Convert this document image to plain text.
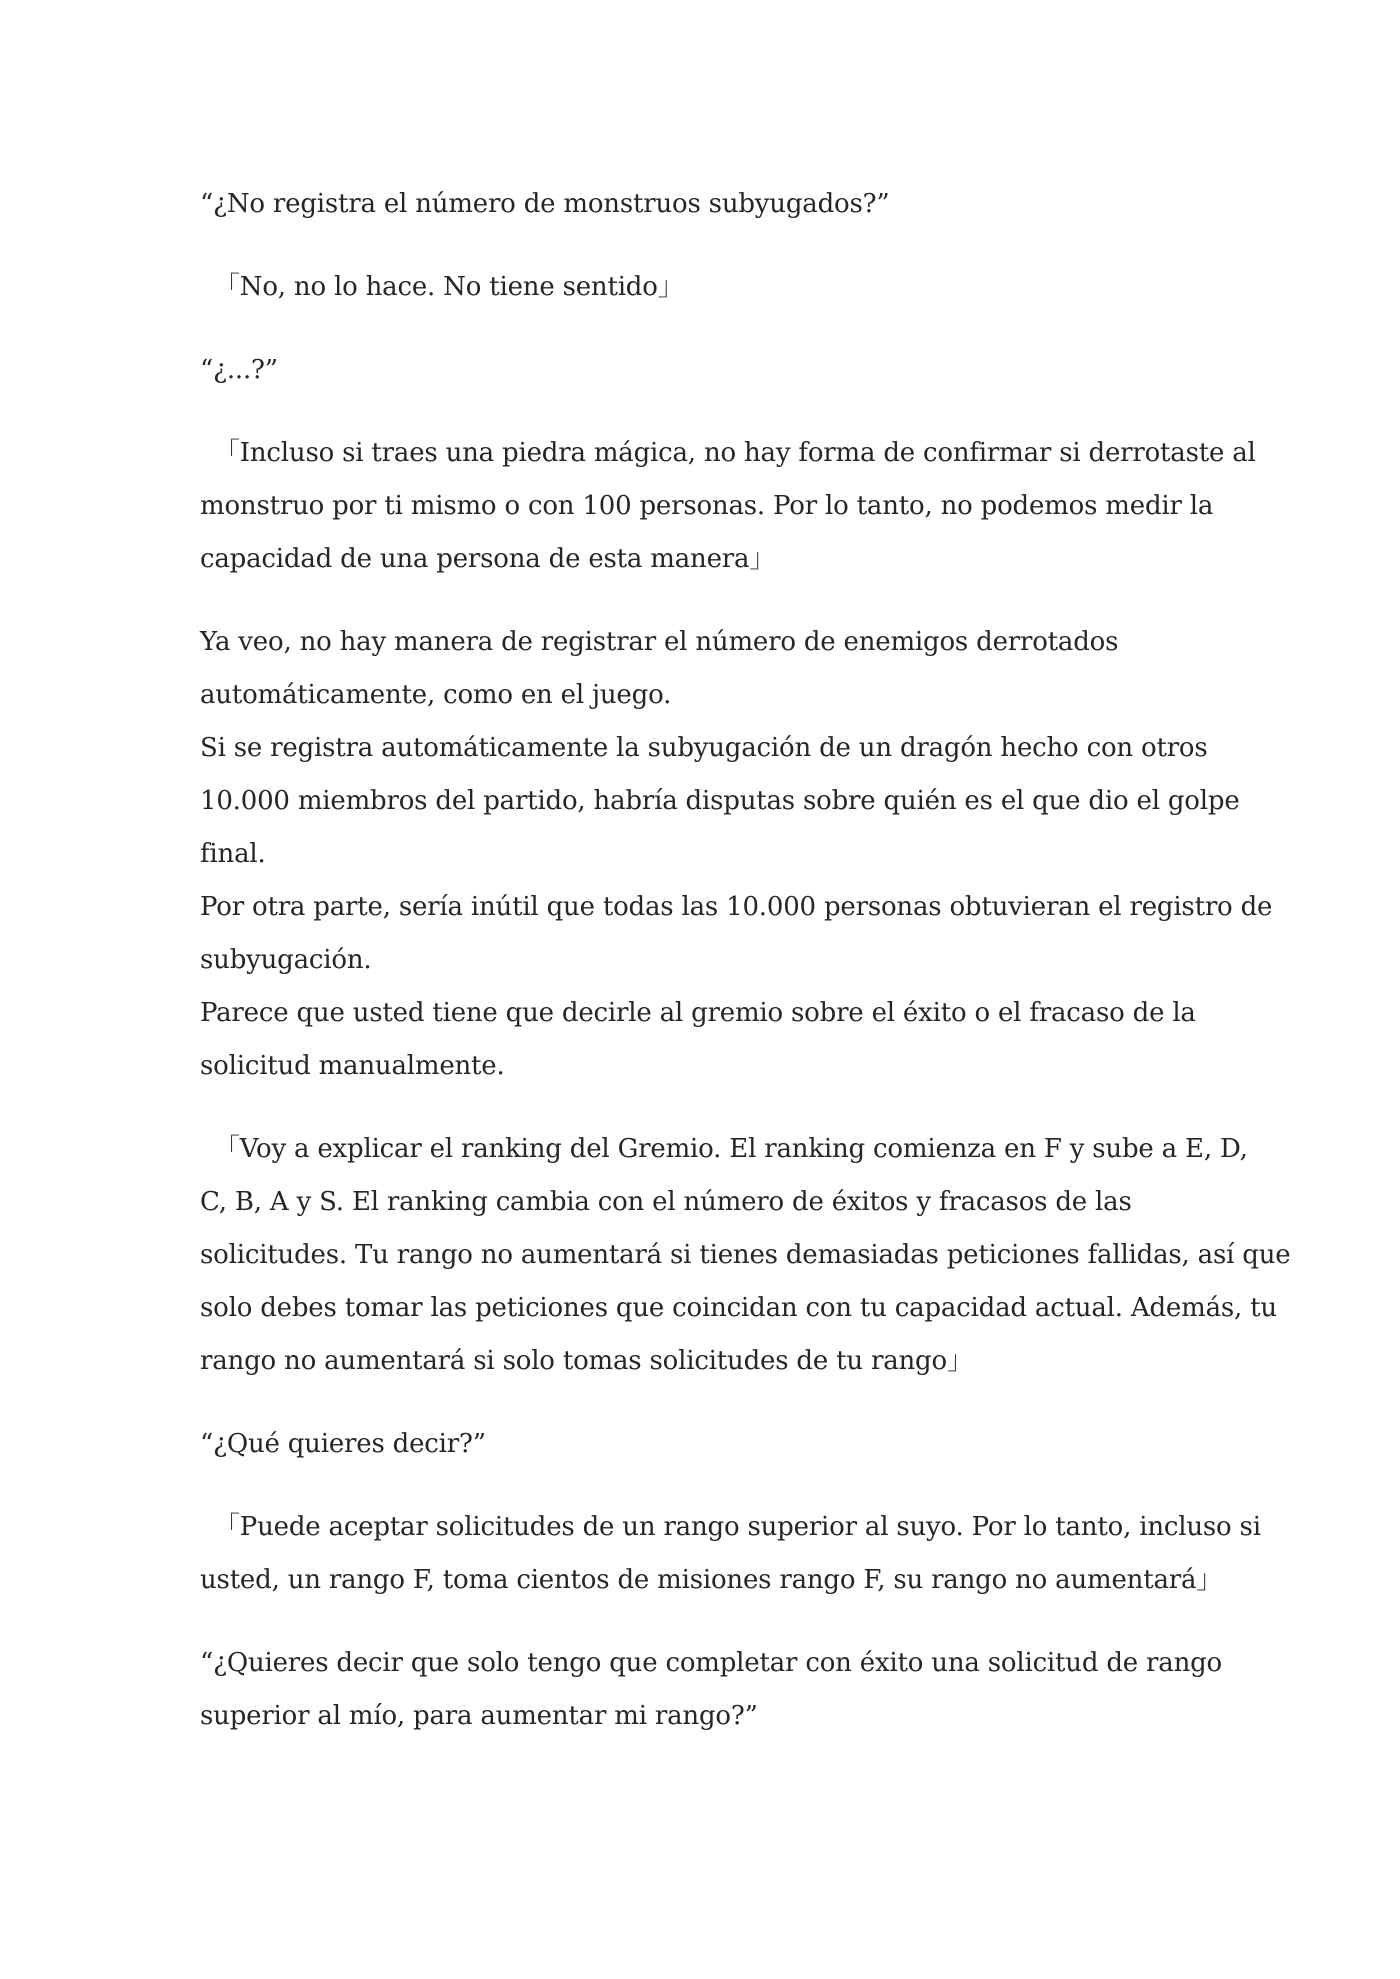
“¿No registra el número de monstruos subyugados?”
「No, no lo hace. No tiene sentido」
“¿...?”
「Incluso si traes una piedra mágica, no hay forma de confirmar si derrotaste al
monstruo por ti mismo o con 100 personas. Por lo tanto, no podemos medir la
capacidad de una persona de esta manera」
Ya veo, no hay manera de registrar el número de enemigos derrotados
automáticamente, como en el juego.
Si se registra automáticamente la subyugación de un dragón hecho con otros
10.000 miembros del partido, habría disputas sobre quién es el que dio el golpe
final.
Por otra parte, sería inútil que todas las 10.000 personas obtuvieran el registro de
subyugación.
Parece que usted tiene que decirle al gremio sobre el éxito o el fracaso de la
solicitud manualmente.
「Voy a explicar el ranking del Gremio. El ranking comienza en F y sube a E, D,
C, B, A y S. El ranking cambia con el número de éxitos y fracasos de las
solicitudes. Tu rango no aumentará si tienes demasiadas peticiones fallidas, así que
solo debes tomar las peticiones que coincidan con tu capacidad actual. Además, tu
rango no aumentará si solo tomas solicitudes de tu rango」
“¿Qué quieres decir?”
「Puede aceptar solicitudes de un rango superior al suyo. Por lo tanto, incluso si
usted, un rango F, toma cientos de misiones rango F, su rango no aumentará」
“¿Quieres decir que solo tengo que completar con éxito una solicitud de rango
superior al mío, para aumentar mi rango?”
